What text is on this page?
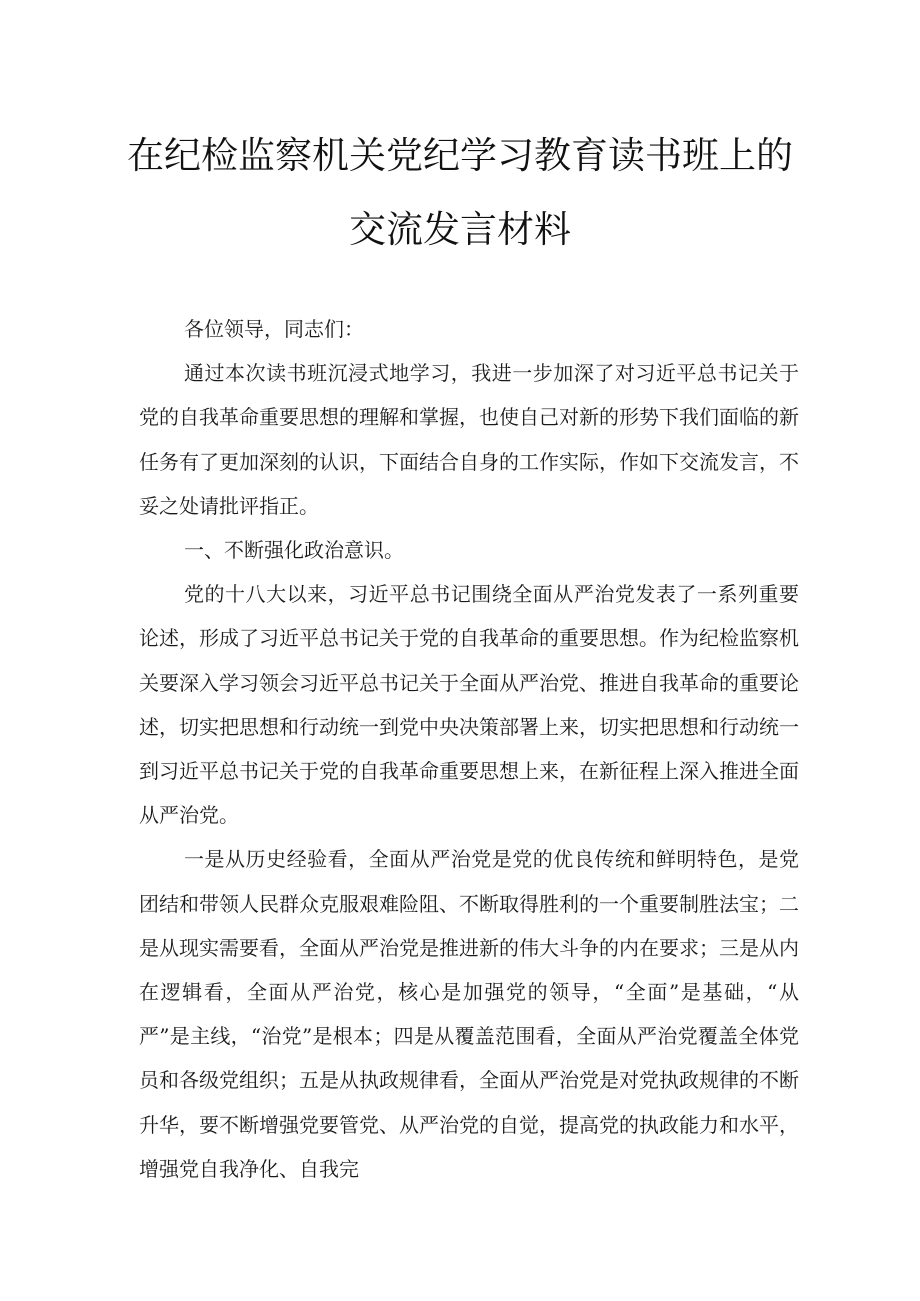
在纪检监察机关党纪学习教育读书班上的
交流发言材料

各位领导，同志们：

通过本次读书班沉浸式地学习，我进一步加深了对习近平总书记关于党的自我革命重要思想的理解和掌握，也使自己对新的形势下我们面临的新任务有了更加深刻的认识，下面结合自身的工作实际，作如下交流发言，不妥之处请批评指正。

一、不断强化政治意识。

党的十八大以来，习近平总书记围绕全面从严治党发表了一系列重要论述，形成了习近平总书记关于党的自我革命的重要思想。作为纪检监察机关要深入学习领会习近平总书记关于全面从严治党、推进自我革命的重要论述，切实把思想和行动统一到党中央决策部署上来，切实把思想和行动统一到习近平总书记关于党的自我革命重要思想上来，在新征程上深入推进全面从严治党。

一是从历史经验看，全面从严治党是党的优良传统和鲜明特色，是党团结和带领人民群众克服艰难险阻、不断取得胜利的一个重要制胜法宝；二是从现实需要看，全面从严治党是推进新的伟大斗争的内在要求；三是从内在逻辑看，全面从严治党，核心是加强党的领导，“全面”是基础，“从严”是主线，“治党”是根本；四是从覆盖范围看，全面从严治党覆盖全体党员和各级党组织；五是从执政规律看，全面从严治党是对党执政规律的不断升华，要不断增强党要管党、从严治党的自觉，提高党的执政能力和水平，增强党自我净化、自我完
